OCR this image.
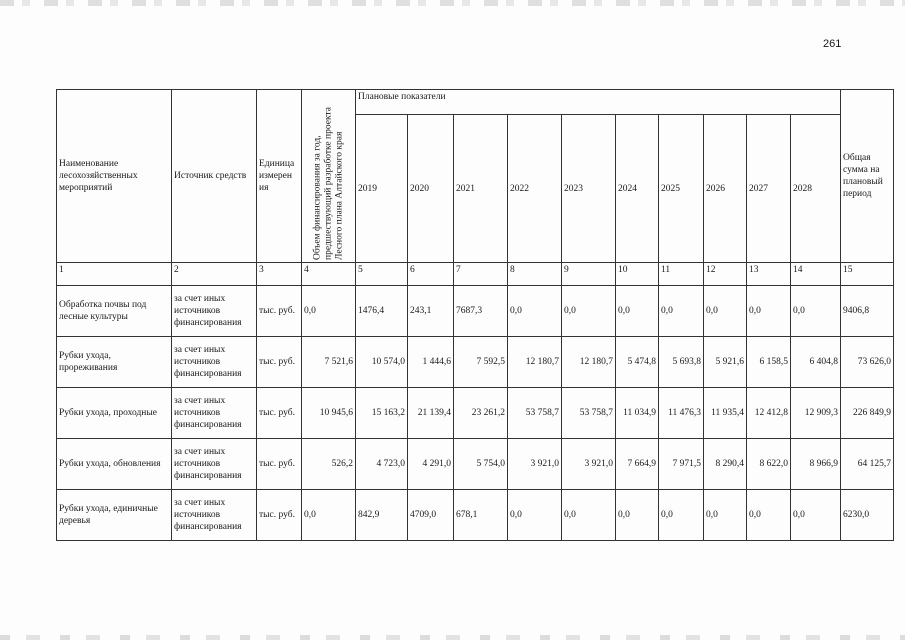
261
Наименование лесохозяйственных мероприятий	Источник средств	Единица измерен ия	Объем финансирования за год, предшествующий разработке проекта Лесного плана Алтайского края	Плановые показатели										Общая сумма на плановый период
				2019	2020	2021	2022	2023	2024	2025	2026	2027	2028	
1	2	3	4	5	6	7	8	9	10	11	12	13	14	15
Обработка почвы под лесные культуры	за счет иных источников финансирования	тыс. руб.	0,0	1476,4	243,1	7687,3	0,0	0,0	0,0	0,0	0,0	0,0	0,0	9406,8
Рубки ухода, прореживания	за счет иных источников финансирования	тыс. руб.	7 521,6	10 574,0	1 444,6	7 592,5	12 180,7	12 180,7	5 474,8	5 693,8	5 921,6	6 158,5	6 404,8	73 626,0
Рубки ухода, проходные	за счет иных источников финансирования	тыс. руб.	10 945,6	15 163,2	21 139,4	23 261,2	53 758,7	53 758,7	11 034,9	11 476,3	11 935,4	12 412,8	12 909,3	226 849,9
Рубки ухода, обновления	за счет иных источников финансирования	тыс. руб.	526,2	4 723,0	4 291,0	5 754,0	3 921,0	3 921,0	7 664,9	7 971,5	8 290,4	8 622,0	8 966,9	64 125,7
Рубки ухода, единичные деревья	за счет иных источников финансирования	тыс. руб.	0,0	842,9	4709,0	678,1	0,0	0,0	0,0	0,0	0,0	0,0	0,0	6230,0
